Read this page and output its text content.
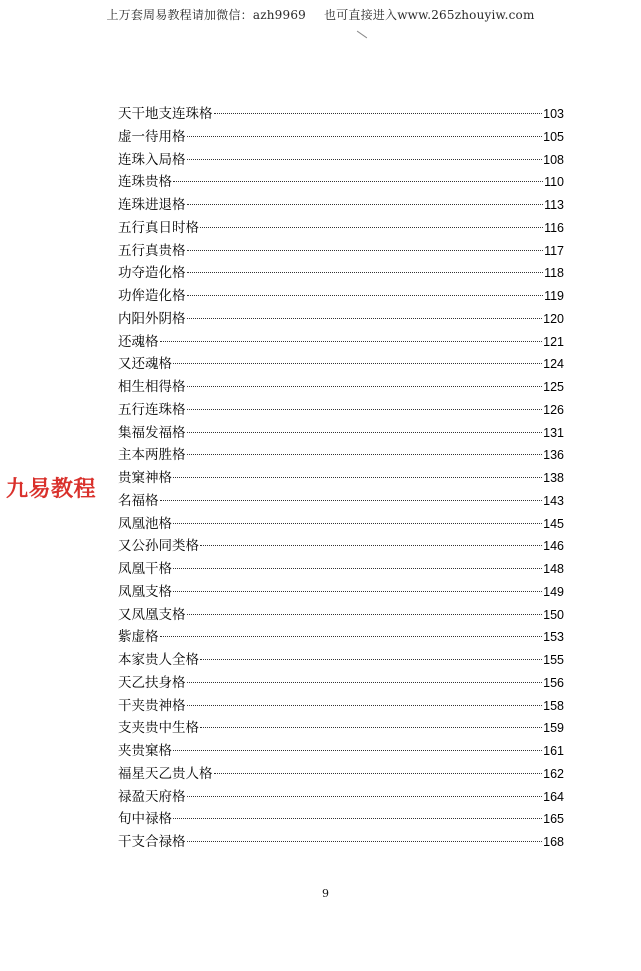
上万套周易教程请加微信：azh9969 也可直接进入www.265zhouyiw.com
天干地支连珠格	103
虚一待用格	105
连珠入局格	108
连珠贵格	110
连珠进退格	113
五行真日时格	116
五行真贵格	117
功夺造化格	118
功侔造化格	119
内阳外阴格	120
还魂格	121
又还魂格	124
相生相得格	125
五行连珠格	126
集福发福格	131
主本两胜格	136
贵窠神格	138
名福格	143
凤凰池格	145
又公孙同类格	146
凤凰干格	148
凤凰支格	149
又凤凰支格	150
紫虚格	153
本家贵人全格	155
天乙扶身格	156
干夹贵神格	158
支夹贵中生格	159
夹贵窠格	161
福星天乙贵人格	162
禄盈天府格	164
旬中禄格	165
干支合禄格	168
九易教程
9
